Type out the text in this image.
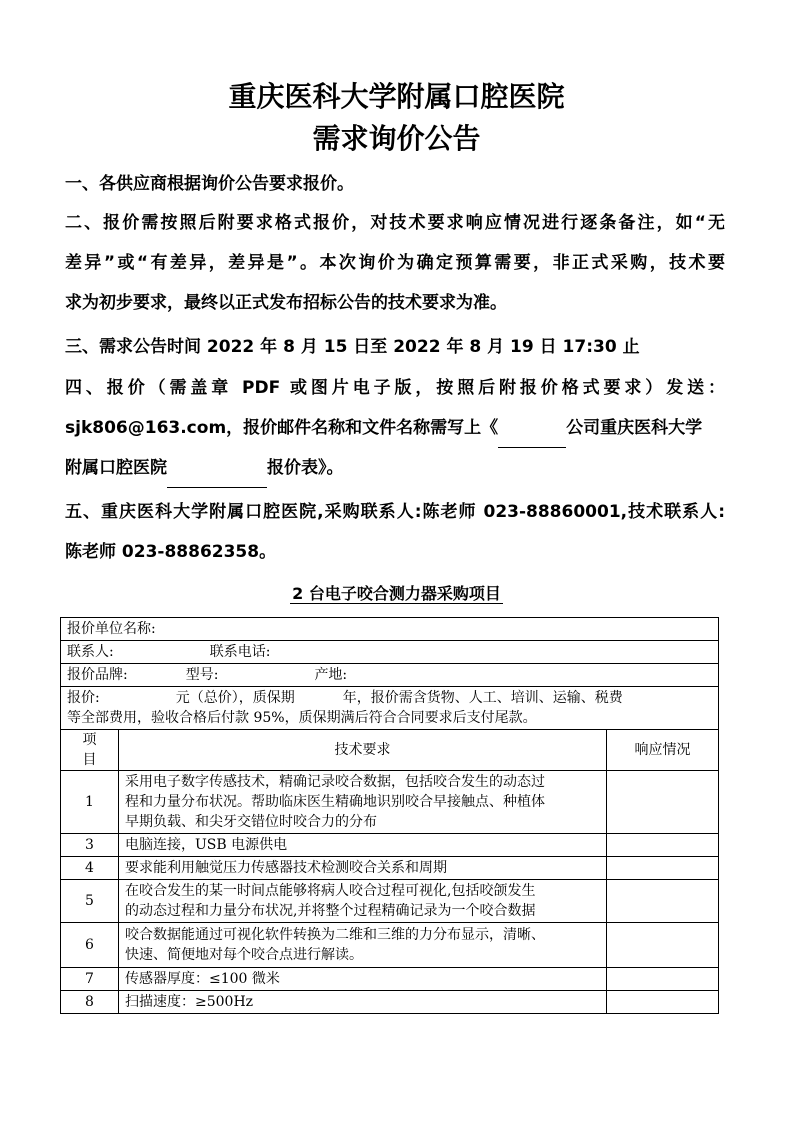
重庆医科大学附属口腔医院
需求询价公告
一、各供应商根据询价公告要求报价。
二、报价需按照后附要求格式报价，对技术要求响应情况进行逐条备注，如“无
差异”或“有差异，差异是”。本次询价为确定预算需要，非正式采购，技术要
求为初步要求，最终以正式发布招标公告的技术要求为准。
三、需求公告时间 2022 年 8 月 15 日至 2022 年 8 月 19 日 17:30 止
四、报价（需盖章 PDF 或图片电子版，按照后附报价格式要求）发送：
sjk806@163.com，报价邮件名称和文件名称需写上《	公司重庆医科大学
附属口腔医院	报价表》。
五、重庆医科大学附属口腔医院,采购联系人:陈老师 023-88860001,技术联系人:
陈老师 023-88862358。
2 台电子咬合测力器采购项目
报价单位名称:		
联系人: 联系电话:		
报价品牌: 型号: 产地:		

报价: 元（总价），质保期 年，报价需含货物、人工、培训、运输、税费
等全部费用，验收合格后付款 95%，质保期满后符合合同要求后支付尾款。		

项
目	技术要求	响应情况
1	采用电子数字传感技术，精确记录咬合数据，包括咬合发生的动态过
程和力量分布状况。帮助临床医生精确地识别咬合早接触点、种植体
早期负载、和尖牙交错位时咬合力的分布	

3	电脑连接，USB 电源供电	

4	要求能利用触觉压力传感器技术检测咬合关系和周期	

5	在咬合发生的某一时间点能够将病人咬合过程可视化,包括咬颌发生
的动态过程和力量分布状况,并将整个过程精确记录为一个咬合数据	

6	咬合数据能通过可视化软件转换为二维和三维的力分布显示，清晰、
快速、简便地对每个咬合点进行解读。	

7	传感器厚度：≤100 微米	

8	扫描速度：≥500Hz	
